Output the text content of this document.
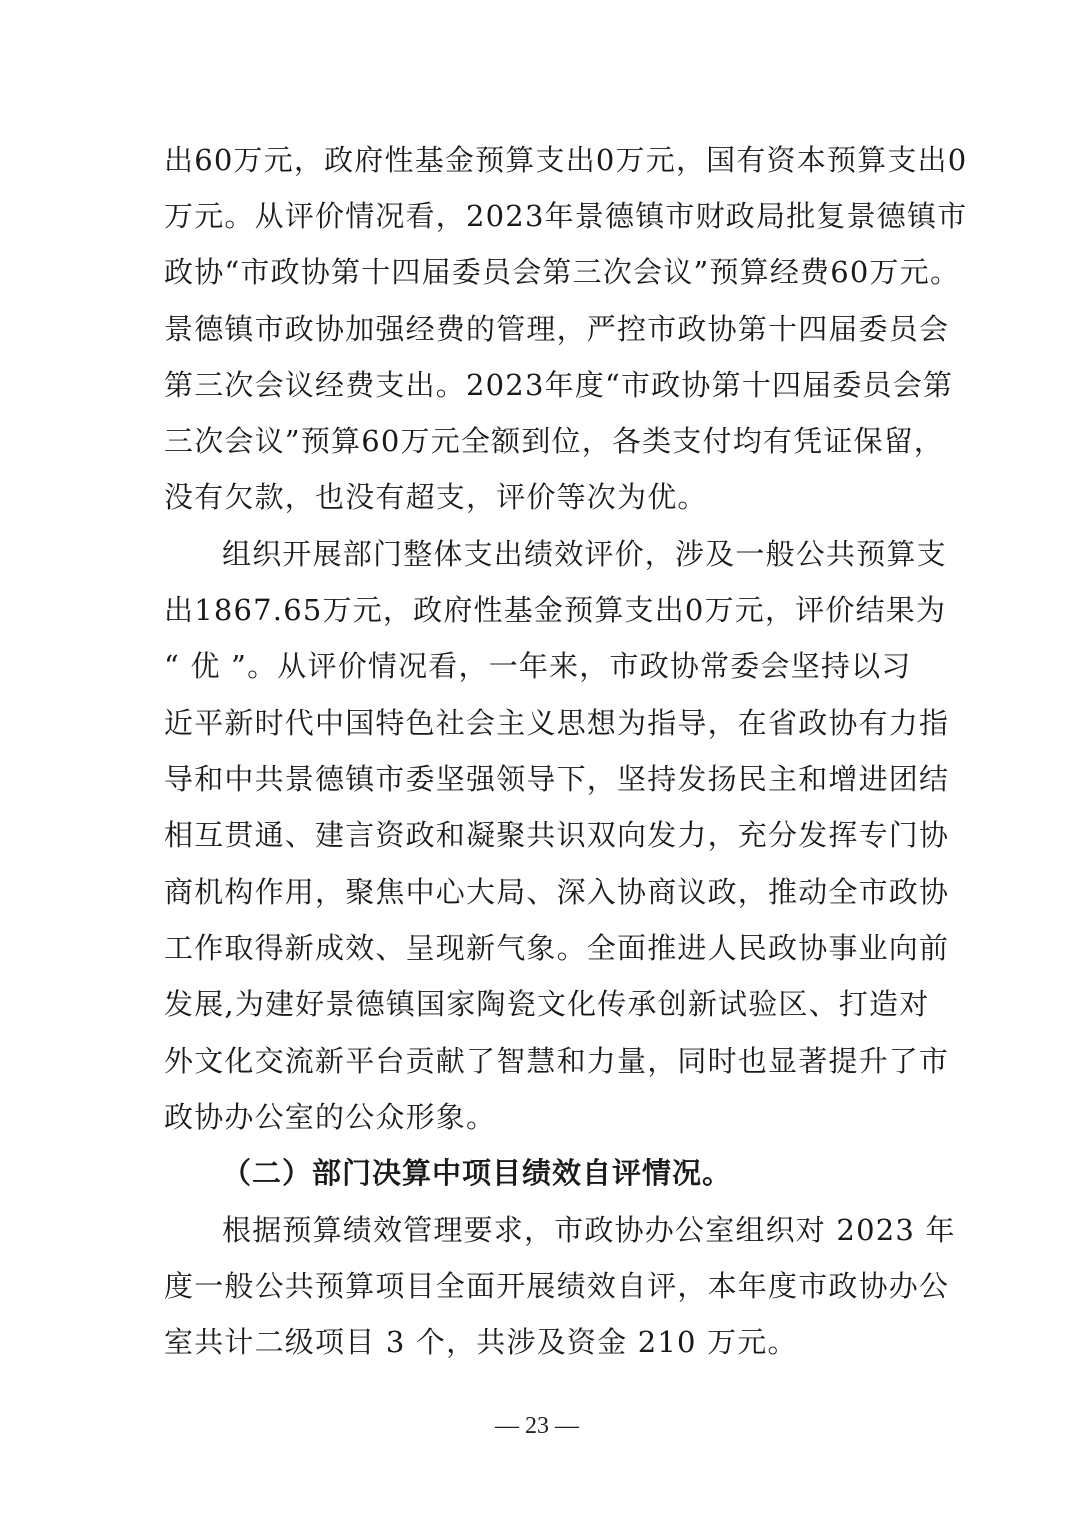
出60万元，政府性基金预算支出0万元，国有资本预算支出0
万元。从评价情况看，2023年景德镇市财政局批复景德镇市
政协“市政协第十四届委员会第三次会议”预算经费60万元。
景德镇市政协加强经费的管理，严控市政协第十四届委员会
第三次会议经费支出。2023年度“市政协第十四届委员会第
三次会议”预算60万元全额到位，各类支付均有凭证保留，
没有欠款，也没有超支，评价等次为优。
组织开展部门整体支出绩效评价，涉及一般公共预算支
出1867.65万元，政府性基金预算支出0万元，评价结果为
“ 优 ”。从评价情况看，一年来，市政协常委会坚持以习
近平新时代中国特色社会主义思想为指导，在省政协有力指
导和中共景德镇市委坚强领导下，坚持发扬民主和增进团结
相互贯通、建言资政和凝聚共识双向发力，充分发挥专门协
商机构作用，聚焦中心大局、深入协商议政，推动全市政协
工作取得新成效、呈现新气象。全面推进人民政协事业向前
发展,为建好景德镇国家陶瓷文化传承创新试验区、打造对
外文化交流新平台贡献了智慧和力量，同时也显著提升了市
政协办公室的公众形象。
（二）部门决算中项目绩效自评情况。
根据预算绩效管理要求，市政协办公室组织对 2023 年
度一般公共预算项目全面开展绩效自评，本年度市政协办公
室共计二级项目 3 个，共涉及资金 210 万元。
— 23 —
